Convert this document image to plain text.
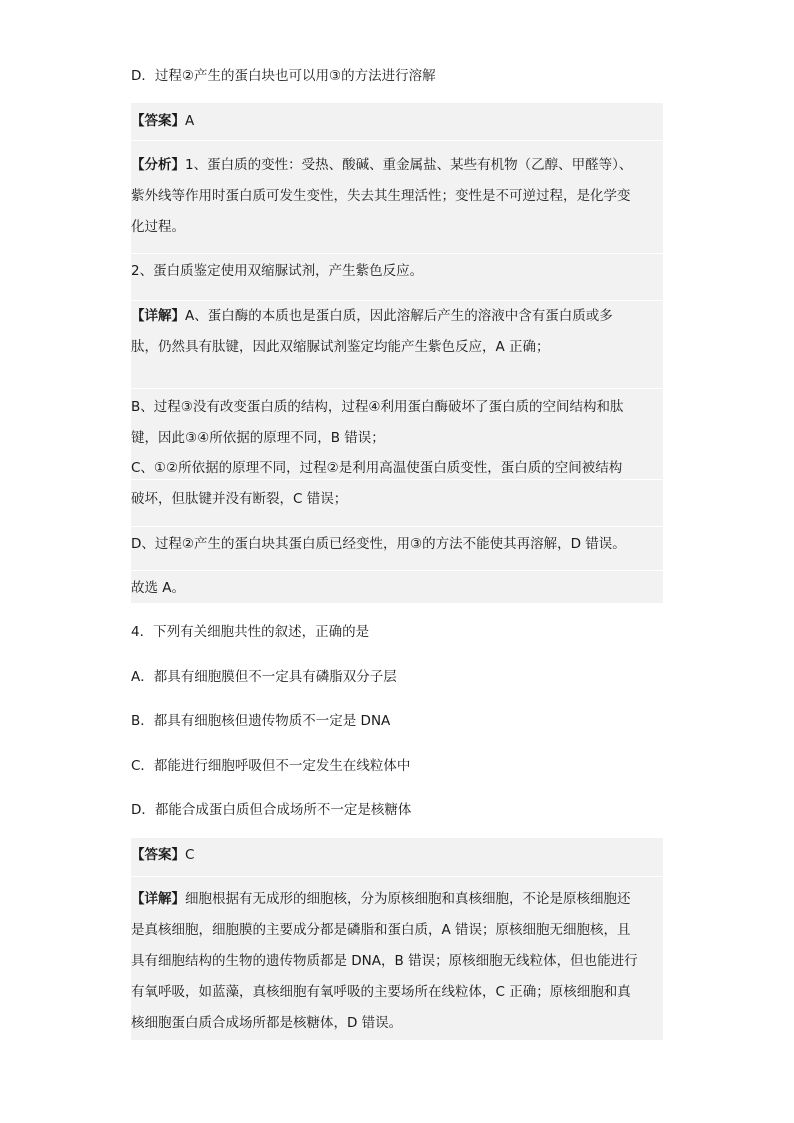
D．过程②产生的蛋白块也可以用③的方法进行溶解
【答案】A
【分析】1、蛋白质的变性：受热、酸碱、重金属盐、某些有机物（乙醇、甲醛等）、
紫外线等作用时蛋白质可发生变性，失去其生理活性；变性是不可逆过程，是化学变
化过程。
2、蛋白质鉴定使用双缩脲试剂，产生紫色反应。
【详解】A、蛋白酶的本质也是蛋白质，因此溶解后产生的溶液中含有蛋白质或多
肽，仍然具有肽键，因此双缩脲试剂鉴定均能产生紫色反应，A 正确；
B、过程③没有改变蛋白质的结构，过程④利用蛋白酶破坏了蛋白质的空间结构和肽
键，因此③④所依据的原理不同，B 错误；
C、①②所依据的原理不同，过程②是利用高温使蛋白质变性，蛋白质的空间被结构
破坏，但肽键并没有断裂，C 错误；
D、过程②产生的蛋白块其蛋白质已经变性，用③的方法不能使其再溶解，D 错误。
故选 A。
4．下列有关细胞共性的叙述，正确的是
A．都具有细胞膜但不一定具有磷脂双分子层
B．都具有细胞核但遗传物质不一定是 DNA
C．都能进行细胞呼吸但不一定发生在线粒体中
D．都能合成蛋白质但合成场所不一定是核糖体
【答案】C
【详解】细胞根据有无成形的细胞核，分为原核细胞和真核细胞，不论是原核细胞还
是真核细胞，细胞膜的主要成分都是磷脂和蛋白质，A 错误；原核细胞无细胞核，且
具有细胞结构的生物的遗传物质都是 DNA，B 错误；原核细胞无线粒体，但也能进行
有氧呼吸，如蓝藻，真核细胞有氧呼吸的主要场所在线粒体，C 正确；原核细胞和真
核细胞蛋白质合成场所都是核糖体，D 错误。
